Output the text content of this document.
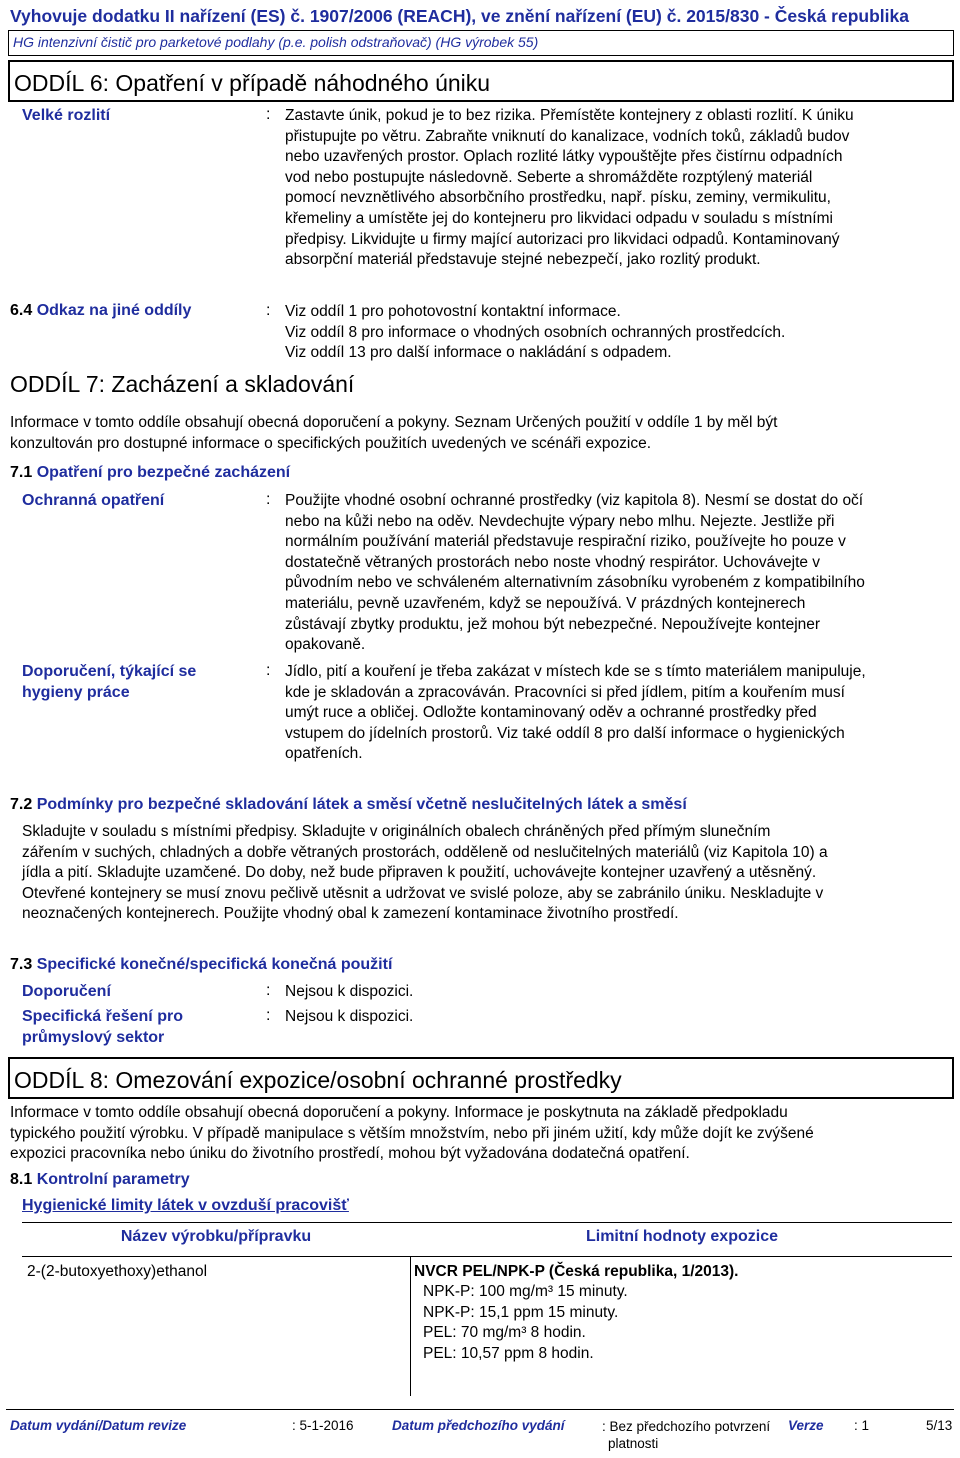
Vyhovuje dodatku II nařízení (ES) č. 1907/2006 (REACH), ve znění nařízení (EU) č. 2015/830 - Česká republika
HG intenzivní čistič pro parketové podlahy (p.e. polish odstraňovač) (HG výrobek 55)
ODDÍL 6: Opatření v případě náhodného úniku
Velké rozlití	: Zastavte únik, pokud je to bez rizika. Přemístěte kontejnery z oblasti rozlití. K úniku
přistupujte po větru. Zabraňte vniknutí do kanalizace, vodních toků, základů budov
nebo uzavřených prostor. Oplach rozlité látky vypouštějte přes čistírnu odpadních
vod nebo postupujte následovně. Seberte a shromážděte rozptýlený materiál
pomocí nevznětlivého absorbčního prostředku, např. písku, zeminy, vermikulitu,
křemeliny a umístěte jej do kontejneru pro likvidaci odpadu v souladu s místními
předpisy. Likvidujte u firmy mající autorizaci pro likvidaci odpadů. Kontaminovaný
absorpční materiál představuje stejné nebezpečí, jako rozlitý produkt.
6.4 Odkaz na jiné oddíly	: Viz oddíl 1 pro pohotovostní kontaktní informace.
Viz oddíl 8 pro informace o vhodných osobních ochranných prostředcích.
Viz oddíl 13 pro další informace o nakládání s odpadem.
ODDÍL 7: Zacházení a skladování
Informace v tomto oddíle obsahují obecná doporučení a pokyny. Seznam Určených použití v oddíle 1 by měl být
konzultován pro dostupné informace o specifických použitích uvedených ve scénáři expozice.
7.1 Opatření pro bezpečné zacházení
Ochranná opatření	: Použijte vhodné osobní ochranné prostředky (viz kapitola 8). Nesmí se dostat do očí
nebo na kůži nebo na oděv. Nevdechujte výpary nebo mlhu. Nejezte. Jestliže při
normálním používání materiál představuje respirační riziko, používejte ho pouze v
dostatečně větraných prostorách nebo noste vhodný respirátor. Uchovávejte v
původním nebo ve schváleném alternativním zásobníku vyrobeném z kompatibilního
materiálu, pevně uzavřeném, když se nepoužívá. V prázdných kontejnerech
zůstávají zbytky produktu, jež mohou být nebezpečné. Nepoužívejte kontejner
opakovaně.
Doporučení, týkající se
hygieny práce
: Jídlo, pití a kouření je třeba zakázat v místech kde se s tímto materiálem manipuluje,
kde je skladován a zpracováván. Pracovníci si před jídlem, pitím a kouřením musí
umýt ruce a obličej. Odložte kontaminovaný oděv a ochranné prostředky před
vstupem do jídelních prostorů. Viz také oddíl 8 pro další informace o hygienických
opatřeních.
7.2 Podmínky pro bezpečné skladování látek a směsí včetně neslučitelných látek a směsí
Skladujte v souladu s místními předpisy. Skladujte v originálních obalech chráněných před přímým slunečním
zářením v suchých, chladných a dobře větraných prostorách, odděleně od neslučitelných materiálů (viz Kapitola 10) a
jídla a pití. Skladujte uzamčené. Do doby, než bude připraven k použití, uchovávejte kontejner uzavřený a utěsněný.
Otevřené kontejnery se musí znovu pečlivě utěsnit a udržovat ve svislé poloze, aby se zabránilo úniku. Neskladujte v
neoznačených kontejnerech. Použijte vhodný obal k zamezení kontaminace životního prostředí.
7.3 Specifické konečné/specifická konečná použití
Doporučení	: Nejsou k dispozici.
Specifická řešení pro
průmyslový sektor
: Nejsou k dispozici.
ODDÍL 8: Omezování expozice/osobní ochranné prostředky
Informace v tomto oddíle obsahují obecná doporučení a pokyny. Informace je poskytnuta na základě předpokladu
typického použití výrobku. V případě manipulace s větším množstvím, nebo při jiném užití, kdy může dojít ke zvýšené
expozici pracovníka nebo úniku do životního prostředí, mohou být vyžadována dodatečná opatření.
8.1 Kontrolní parametry
Hygienické limity látek v ovzduší pracovišť
Název výrobku/přípravku	Limitní hodnoty expozice
2-(2-butoxyethoxy)ethanol	NVCR PEL/NPK-P (Česká republika, 1/2013).
NPK-P: 100 mg/m³ 15 minuty.
NPK-P: 15,1 ppm 15 minuty.
PEL: 70 mg/m³ 8 hodin.
PEL: 10,57 ppm 8 hodin.
Datum vydání/Datum revize	: 5-1-2016	Datum předchozího vydání	: Bez předchozího potvrzení
platnosti
Verze : 1	5/13
